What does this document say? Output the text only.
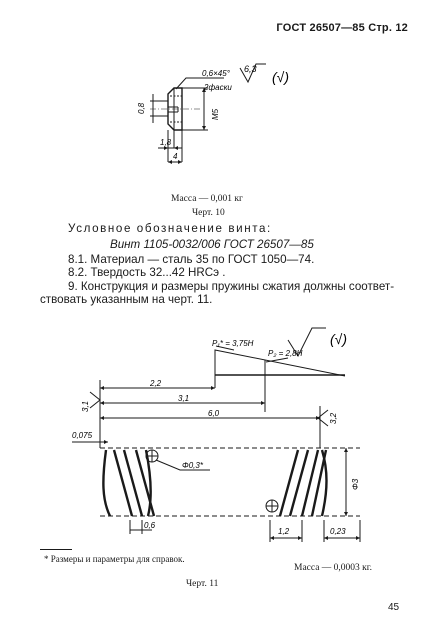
ГОСТ 26507—85 Стр. 12
0,6×45°
2фаски
6,3 (√)
0,8
М5
1,8
4
Масса — 0,001 кг
Черт. 10
Условное обозначение винта:
Винт 1105-0032/006 ГОСТ 26507—85
8.1. Материал — сталь 35 по ГОСТ 1050—74.
8.2. Твердость 32...42 HRCэ .
9. Конструкция и размеры пружины сжатия должны соответ-
ствовать указанным на черт. 11.
P₁* = 3,75Н
P₂ = 2,8Н
2,2
3,1
6,0
3,1
3,2
0,075
Φ0,3*
0,6
Φ3
1,2	0,23
(√)
* Размеры и параметры для справок.
Масса — 0,0003 кг.
Черт. 11
45
